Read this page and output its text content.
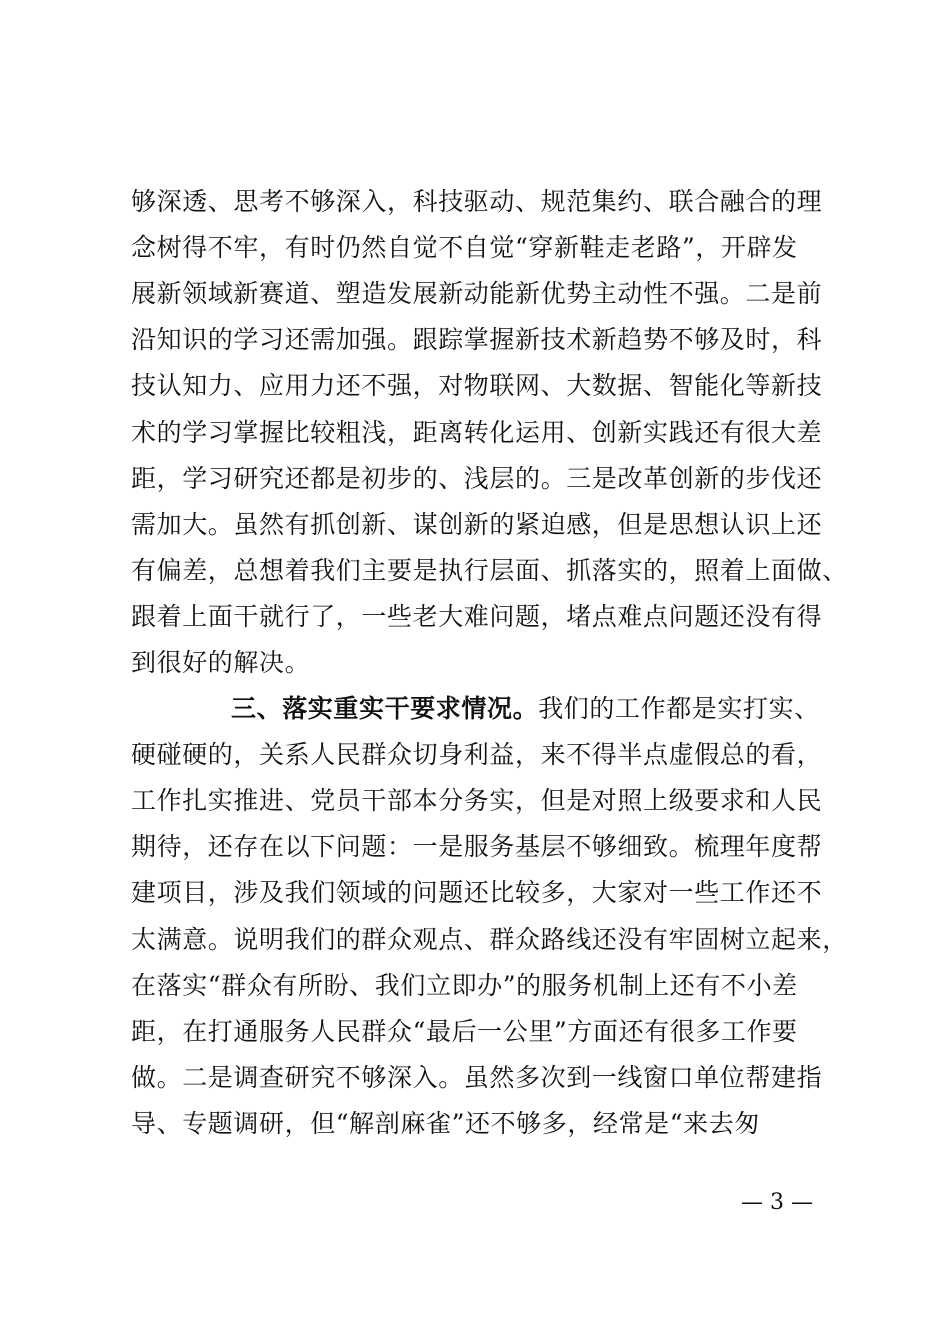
够深透、思考不够深入，科技驱动、规范集约、联合融合的理
念树得不牢，有时仍然自觉不自觉“穿新鞋走老路”，开辟发
展新领域新赛道、塑造发展新动能新优势主动性不强。二是前
沿知识的学习还需加强。跟踪掌握新技术新趋势不够及时，科
技认知力、应用力还不强，对物联网、大数据、智能化等新技
术的学习掌握比较粗浅，距离转化运用、创新实践还有很大差
距，学习研究还都是初步的、浅层的。三是改革创新的步伐还
需加大。虽然有抓创新、谋创新的紧迫感，但是思想认识上还
有偏差，总想着我们主要是执行层面、抓落实的，照着上面做、
跟着上面干就行了，一些老大难问题，堵点难点问题还没有得
到很好的解决。
三、落实重实干要求情况。我们的工作都是实打实、
硬碰硬的，关系人民群众切身利益，来不得半点虚假总的看，
工作扎实推进、党员干部本分务实，但是对照上级要求和人民
期待，还存在以下问题：一是服务基层不够细致。梳理年度帮
建项目，涉及我们领域的问题还比较多，大家对一些工作还不
太满意。说明我们的群众观点、群众路线还没有牢固树立起来，
在落实“群众有所盼、我们立即办”的服务机制上还有不小差
距，在打通服务人民群众“最后一公里”方面还有很多工作要
做。二是调查研究不够深入。虽然多次到一线窗口单位帮建指
导、专题调研，但“解剖麻雀”还不够多，经常是“来去匆
— 3 —
